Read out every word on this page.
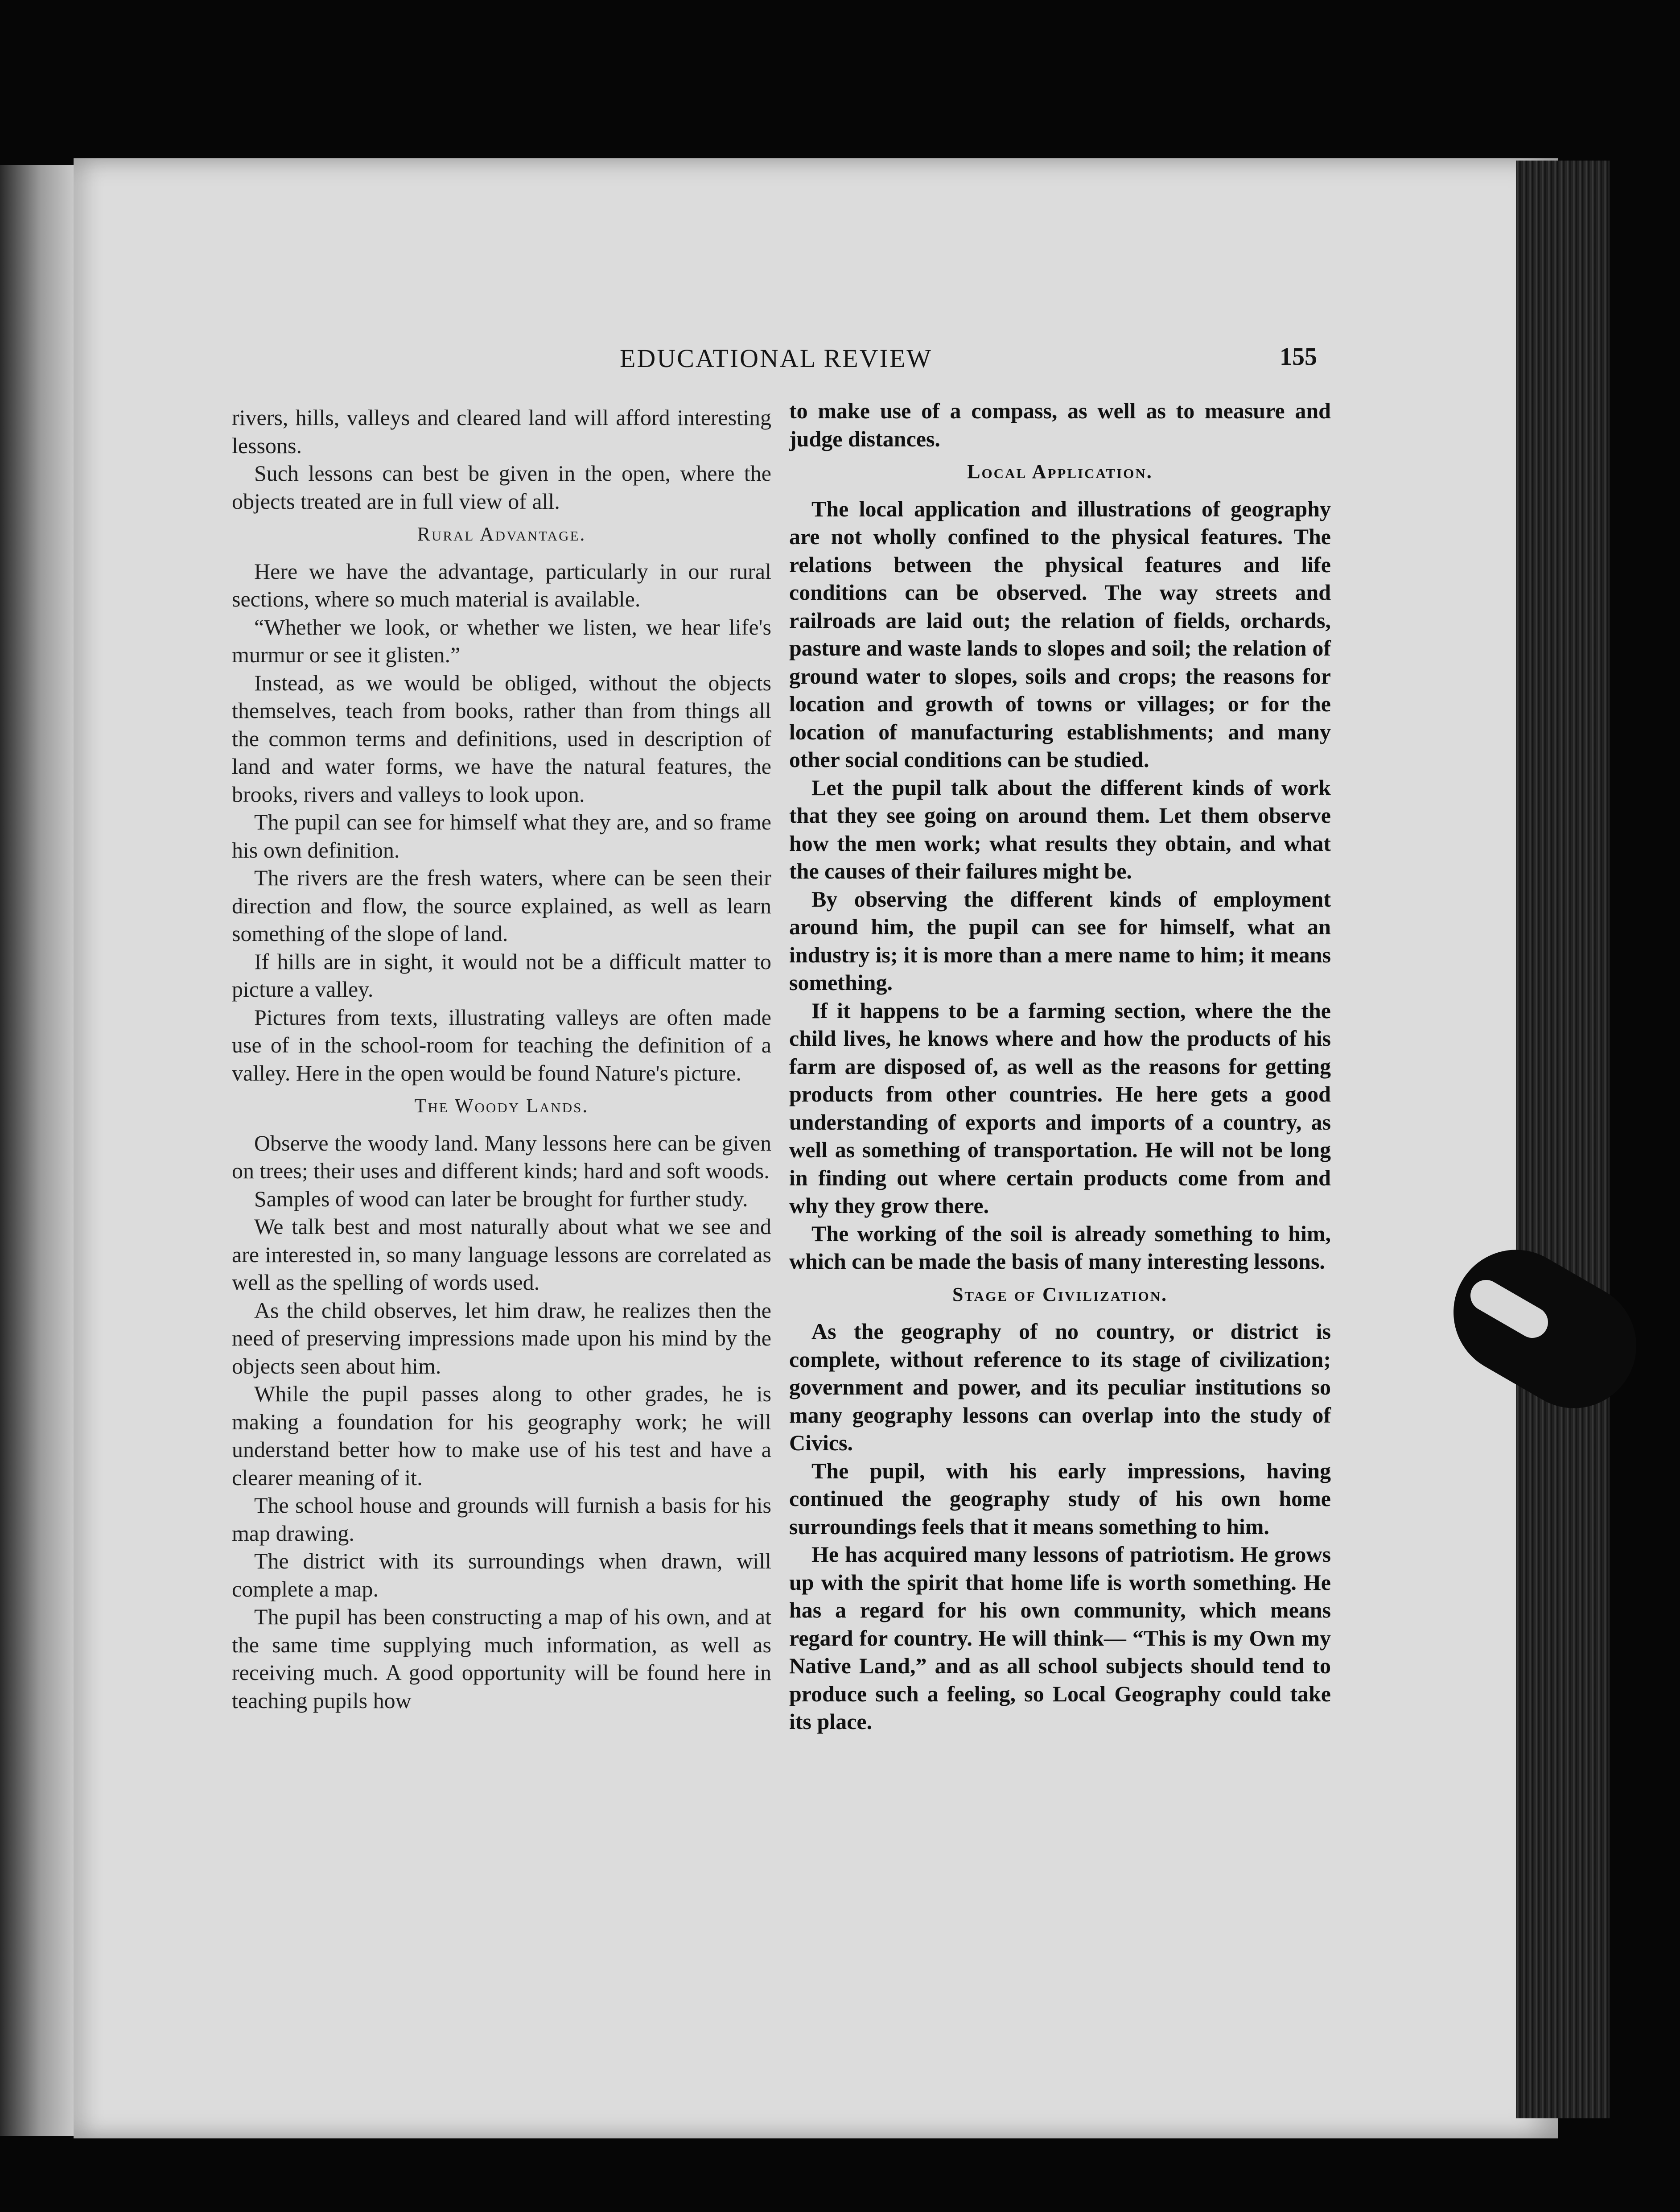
EDUCATIONAL REVIEW	155

rivers, hills, valleys and cleared land will afford interesting lessons.

Such lessons can best be given in the open, where the objects treated are in full view of all.

Rural Advantage.

Here we have the advantage, particularly in our rural sections, where so much material is available.

“Whether we look, or whether we listen, we hear life's murmur or see it glisten.”

Instead, as we would be obliged, without the objects themselves, teach from books, rather than from things all the common terms and definitions, used in description of land and water forms, we have the natural features, the brooks, rivers and valleys to look upon.

The pupil can see for himself what they are, and so frame his own definition.

The rivers are the fresh waters, where can be seen their direction and flow, the source explained, as well as learn something of the slope of land.

If hills are in sight, it would not be a difficult matter to picture a valley.

Pictures from texts, illustrating valleys are often made use of in the school-room for teaching the definition of a valley. Here in the open would be found Nature's picture.

The Woody Lands.

Observe the woody land. Many lessons here can be given on trees; their uses and different kinds; hard and soft woods.

Samples of wood can later be brought for further study.

We talk best and most naturally about what we see and are interested in, so many language lessons are correlated as well as the spelling of words used.

As the child observes, let him draw, he realizes then the need of preserving impressions made upon his mind by the objects seen about him.

While the pupil passes along to other grades, he is making a foundation for his geography work; he will understand better how to make use of his test and have a clearer meaning of it.

The school house and grounds will furnish a basis for his map drawing.

The district with its surroundings when drawn, will complete a map.

The pupil has been constructing a map of his own, and at the same time supplying much information, as well as receiving much. A good opportunity will be found here in teaching pupils how

to make use of a compass, as well as to measure and judge distances.

Local Application.

The local application and illustrations of geography are not wholly confined to the physical features. The relations between the physical features and life conditions can be observed. The way streets and railroads are laid out; the relation of fields, orchards, pasture and waste lands to slopes and soil; the relation of ground water to slopes, soils and crops; the reasons for location and growth of towns or villages; or for the location of manufacturing establishments; and many other social conditions can be studied.

Let the pupil talk about the different kinds of work that they see going on around them. Let them observe how the men work; what results they obtain, and what the causes of their failures might be.

By observing the different kinds of employment around him, the pupil can see for himself, what an industry is; it is more than a mere name to him; it means something.

If it happens to be a farming section, where the the child lives, he knows where and how the products of his farm are disposed of, as well as the reasons for getting products from other countries. He here gets a good understanding of exports and imports of a country, as well as something of transportation. He will not be long in finding out where certain products come from and why they grow there.

The working of the soil is already something to him, which can be made the basis of many interesting lessons.

Stage of Civilization.

As the geography of no country, or district is complete, without reference to its stage of civilization; government and power, and its peculiar institutions so many geography lessons can overlap into the study of Civics.

The pupil, with his early impressions, having continued the geography study of his own home surroundings feels that it means something to him.

He has acquired many lessons of patriotism. He grows up with the spirit that home life is worth something. He has a regard for his own community, which means regard for country. He will think— “This is my Own my Native Land,” and as all school subjects should tend to produce such a feeling, so Local Geography could take its place.
